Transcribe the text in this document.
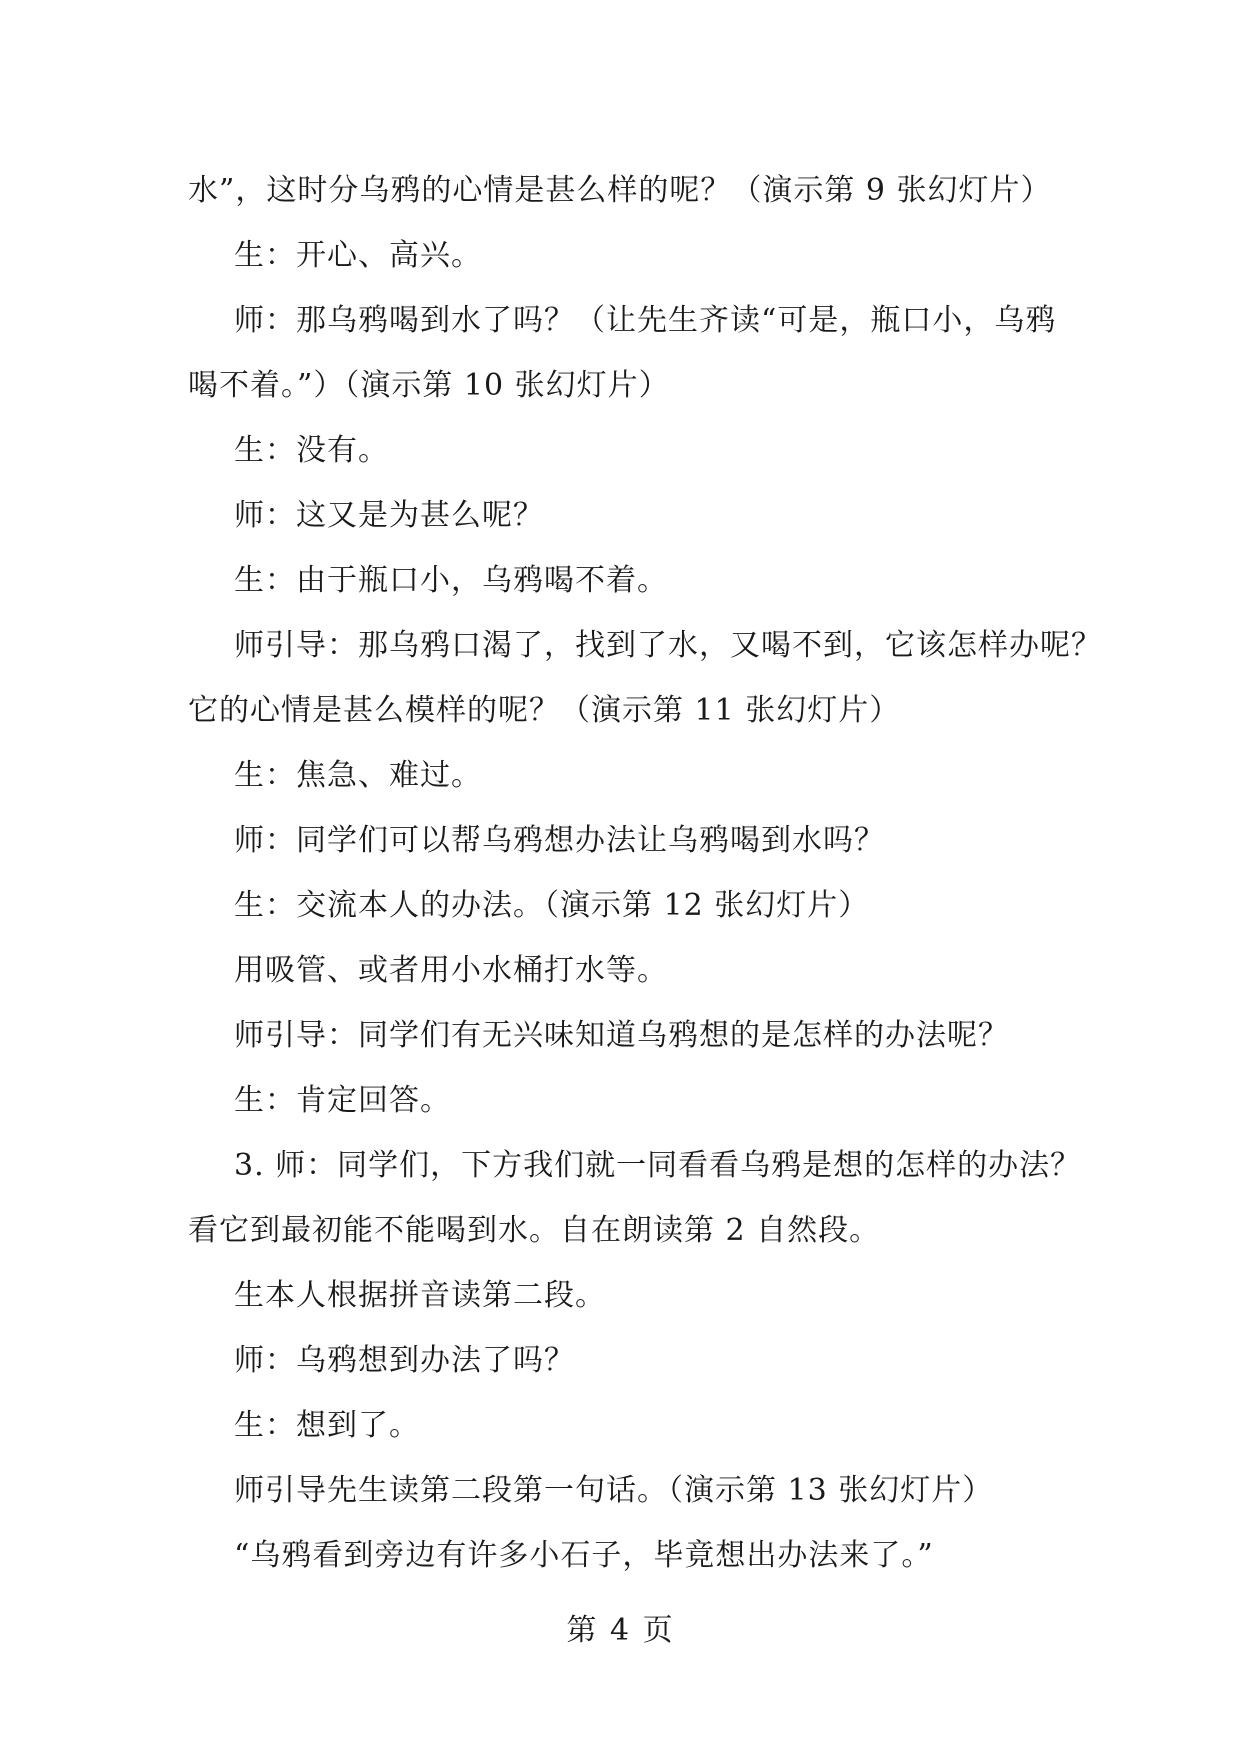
水”，这时分乌鸦的心情是甚么样的呢？（演示第 9 张幻灯片）
生：开心、高兴。
师：那乌鸦喝到水了吗？（让先生齐读“可是，瓶口小，乌鸦
喝不着。”）（演示第 10 张幻灯片）
生：没有。
师：这又是为甚么呢？
生：由于瓶口小，乌鸦喝不着。
师引导：那乌鸦口渴了，找到了水，又喝不到，它该怎样办呢？
它的心情是甚么模样的呢？（演示第 11 张幻灯片）
生：焦急、难过。
师：同学们可以帮乌鸦想办法让乌鸦喝到水吗？
生：交流本人的办法。（演示第 12 张幻灯片）
用吸管、或者用小水桶打水等。
师引导：同学们有无兴味知道乌鸦想的是怎样的办法呢？
生：肯定回答。
3. 师：同学们，下方我们就一同看看乌鸦是想的怎样的办法？
看它到最初能不能喝到水。自在朗读第 2 自然段。
生本人根据拼音读第二段。
师：乌鸦想到办法了吗？
生：想到了。
师引导先生读第二段第一句话。（演示第 13 张幻灯片）
“乌鸦看到旁边有许多小石子，毕竟想出办法来了。”
第 4 页
